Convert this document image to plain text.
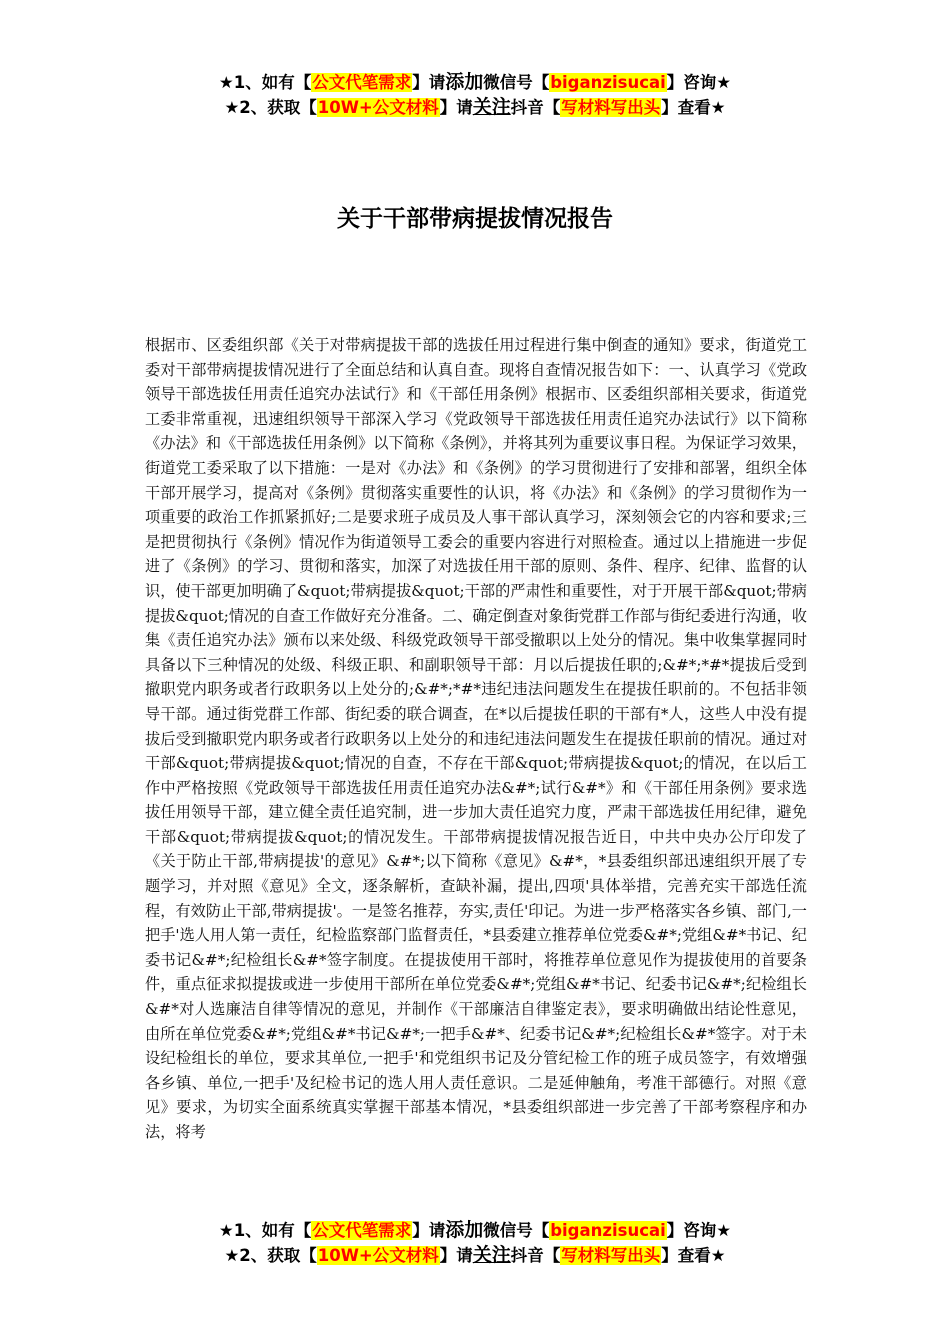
★1、如有【公文代笔需求】请添加微信号【biganzisucai】咨询★
★2、获取【10W+公文材料】请关注抖音【写材料写出头】查看★
关于干部带病提拔情况报告
根据市、区委组织部《关于对带病提拔干部的选拔任用过程进行集中倒查的通知》要求，街道党工委对干部带病提拔情况进行了全面总结和认真自查。现将自查情况报告如下：一、认真学习《党政领导干部选拔任用责任追究办法试行》和《干部任用条例》根据市、区委组织部相关要求，街道党工委非常重视，迅速组织领导干部深入学习《党政领导干部选拔任用责任追究办法试行》以下简称《办法》和《干部选拔任用条例》以下简称《条例》，并将其列为重要议事日程。为保证学习效果，街道党工委采取了以下措施：一是对《办法》和《条例》的学习贯彻进行了安排和部署，组织全体干部开展学习，提高对《条例》贯彻落实重要性的认识，将《办法》和《条例》的学习贯彻作为一项重要的政治工作抓紧抓好;二是要求班子成员及人事干部认真学习，深刻领会它的内容和要求;三是把贯彻执行《条例》情况作为街道领导工委会的重要内容进行对照检查。通过以上措施进一步促进了《条例》的学习、贯彻和落实，加深了对选拔任用干部的原则、条件、程序、纪律、监督的认识，使干部更加明确了&quot;带病提拔&quot;干部的严肃性和重要性，对于开展干部&quot;带病提拔&quot;情况的自查工作做好充分准备。二、确定倒查对象街党群工作部与街纪委进行沟通，收集《责任追究办法》颁布以来处级、科级党政领导干部受撤职以上处分的情况。集中收集掌握同时具备以下三种情况的处级、科级正职、和副职领导干部：月以后提拔任职的;&#*;*#*提拔后受到撤职党内职务或者行政职务以上处分的;&#*;*#*违纪违法问题发生在提拔任职前的。不包括非领导干部。通过街党群工作部、街纪委的联合调查，在*以后提拔任职的干部有*人，这些人中没有提拔后受到撤职党内职务或者行政职务以上处分的和违纪违法问题发生在提拔任职前的情况。通过对干部&quot;带病提拔&quot;情况的自查，不存在干部&quot;带病提拔&quot;的情况，在以后工作中严格按照《党政领导干部选拔任用责任追究办法&#*;试行&#*》和《干部任用条例》要求选拔任用领导干部，建立健全责任追究制，进一步加大责任追究力度，严肃干部选拔任用纪律，避免干部&quot;带病提拔&quot;的情况发生。干部带病提拔情况报告近日，中共中央办公厅印发了《关于防止干部,带病提拔'的意见》&#*;以下简称《意见》&#*，*县委组织部迅速组织开展了专题学习，并对照《意见》全文，逐条解析，查缺补漏，提出,四项'具体举措，完善充实干部选任流程，有效防止干部,带病提拔'。一是签名推荐，夯实,责任'印记。为进一步严格落实各乡镇、部门,一把手'选人用人第一责任，纪检监察部门监督责任，*县委建立推荐单位党委&#*;党组&#*书记、纪委书记&#*;纪检组长&#*签字制度。在提拔使用干部时，将推荐单位意见作为提拔使用的首要条件，重点征求拟提拔或进一步使用干部所在单位党委&#*;党组&#*书记、纪委书记&#*;纪检组长&#*对人选廉洁自律等情况的意见，并制作《干部廉洁自律鉴定表》，要求明确做出结论性意见，由所在单位党委&#*;党组&#*书记&#*;一把手&#*、纪委书记&#*;纪检组长&#*签字。对于未设纪检组长的单位，要求其单位,一把手'和党组织书记及分管纪检工作的班子成员签字，有效增强各乡镇、单位,一把手'及纪检书记的选人用人责任意识。二是延伸触角，考准干部德行。对照《意见》要求，为切实全面系统真实掌握干部基本情况，*县委组织部进一步完善了干部考察程序和办法，将考
★1、如有【公文代笔需求】请添加微信号【biganzisucai】咨询★
★2、获取【10W+公文材料】请关注抖音【写材料写出头】查看★
